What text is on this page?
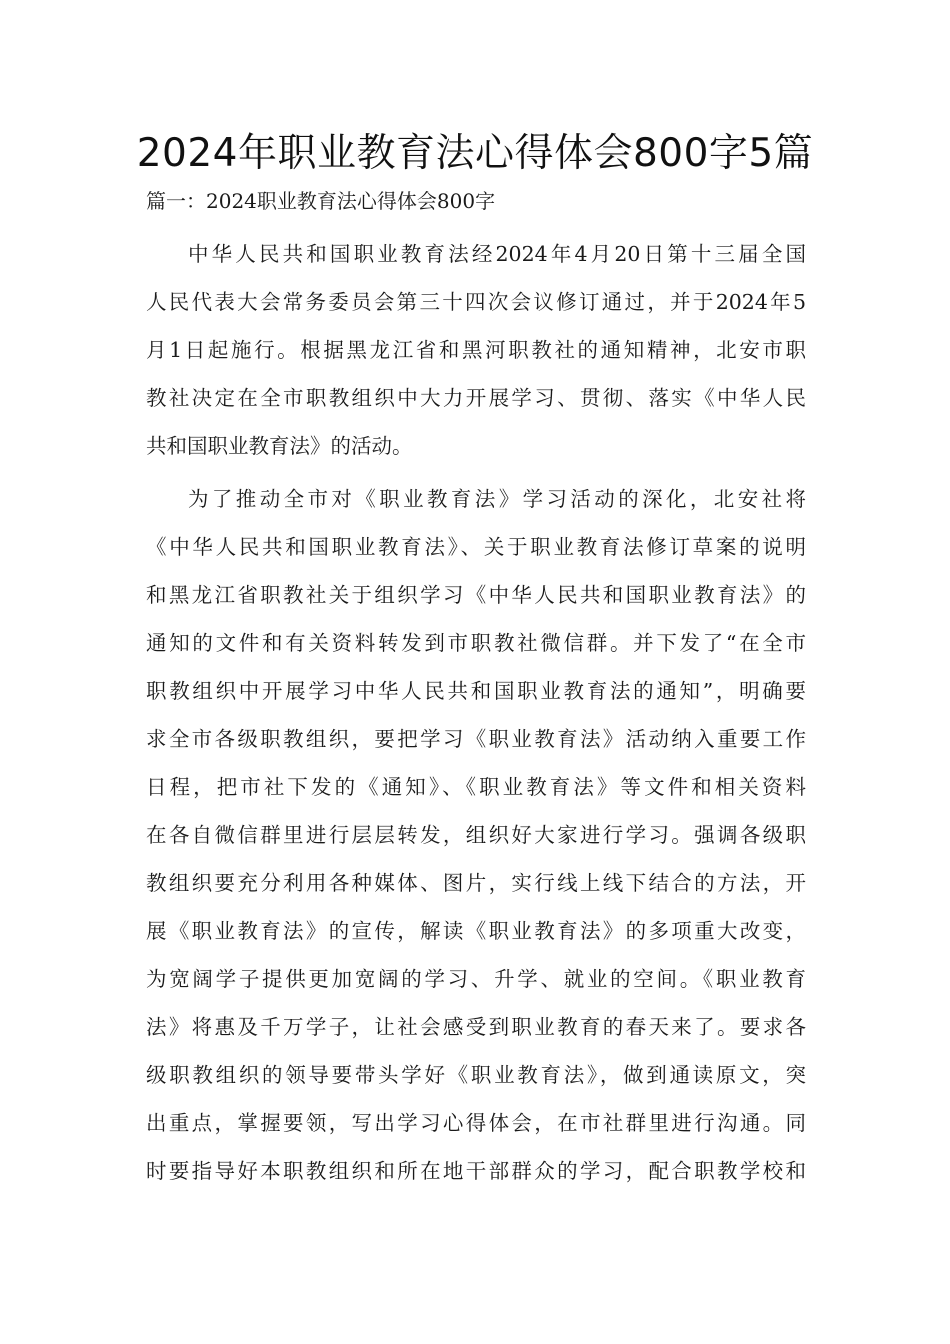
2024年职业教育法心得体会800字5篇
篇一：2024职业教育法心得体会800字
中华人民共和国职业教育法经2024年4月20日第十三届全国
人民代表大会常务委员会第三十四次会议修订通过，并于2024年5
月1日起施行。根据黑龙江省和黑河职教社的通知精神，北安市职
教社决定在全市职教组织中大力开展学习、贯彻、落实《中华人民
共和国职业教育法》的活动。
为了推动全市对《职业教育法》学习活动的深化，北安社将
《中华人民共和国职业教育法》、关于职业教育法修订草案的说明
和黑龙江省职教社关于组织学习《中华人民共和国职业教育法》的
通知的文件和有关资料转发到市职教社微信群。并下发了“在全市
职教组织中开展学习中华人民共和国职业教育法的通知”，明确要
求全市各级职教组织，要把学习《职业教育法》活动纳入重要工作
日程，把市社下发的《通知》、《职业教育法》等文件和相关资料
在各自微信群里进行层层转发，组织好大家进行学习。强调各级职
教组织要充分利用各种媒体、图片，实行线上线下结合的方法，开
展《职业教育法》的宣传，解读《职业教育法》的多项重大改变，
为宽阔学子提供更加宽阔的学习、升学、就业的空间。《职业教育
法》将惠及千万学子，让社会感受到职业教育的春天来了。要求各
级职教组织的领导要带头学好《职业教育法》，做到通读原文，突
出重点，掌握要领，写出学习心得体会，在市社群里进行沟通。同
时要指导好本职教组织和所在地干部群众的学习，配合职教学校和
